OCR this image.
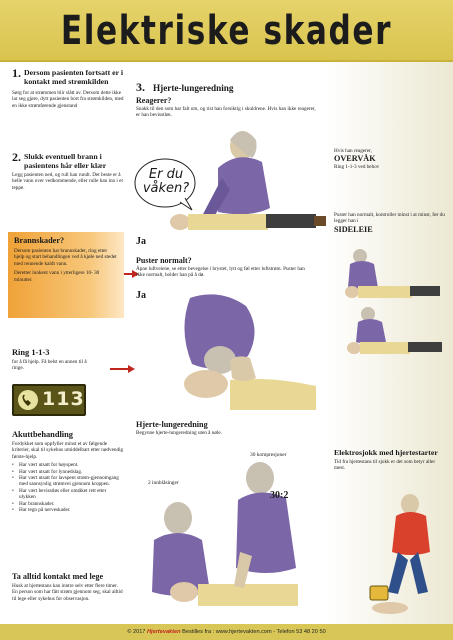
Elektriske skader
1. Dersom pasienten fortsatt er i kontakt med strømkilden
Sørg for at strømmen blir slått av. Dersom dette ikke lar seg gjøre, dytt pasienten bort fra strømkilden, med en ikke strømførende gjenstand
2. Slukk eventuell brann i pasientens hår eller klær
Legg pasienten ned, og rull han rundt. Det beste er å helle vann over vedkommende, eller rulle han inn i et teppe.
Brannskader?
Dersom pasienten har brannskader, ring etter hjelp og start behandlingen ved å kjøle ned stedet med rennende kaldt vann.
Deretter lunkent vann i ytterligere 10- 30 minutter.
Ring 1-1-3
for å få hjelp. Få belst en annen til å ringe.
113
Akuttbehandling
Fordykket som oppfyller minst et av følgende kriterier, skal til sykehus umiddelbart etter nødvendig første-hjelp.
• Har vært utsatt for høyspent.
• Har vært utsatt for lynnedslag.
• Har vært utsatt for lavspent strøm-gjennomgang med sannsynlig strømvei gjennom kroppen.
• Har vært bevisstløs eller omtåket rett etter ulykken
• Har brannskader.
• Har tegn på nerveskader.
Ta alltid kontakt med lege
Husk at hjertestans kan inntre selv etter flere timer. En person som har fått strøm gjennom seg, skal alltid til lege eller sykehus for observasjon.
3. Hjerte-lungeredning
Reagerer?
Snakk til den som har falt om, og rist han forsiktig i skuldrene. Hvis han ikke reagerer, er han bevisstløs.
Er du våken?
Ja
Puster normalt?
Åpne luftveiene, se etter bevegelse i brystet, lytt og føl etter luftstrøm. Puster han ikke normalt, holder han på å dø.
Ja
Hjerte-lungeredning
Begynne hjerte-lungeredning uten å nøle.
30 kompresjoner
2 innblåsinger
30:2
Hvis han reagerer,
OVERVÅK
Ring 1-1-3 ved behov
Puster han normalt, kontroller minst i at minst, før du legger han i
SIDELEIE
Elektrosjokk med hjertestarter
Tid fra hjertestans til sjokk er det som betyr aller mest.
© 2017 Hjertevakten Bestilles fra : www.hjertevakten.com - Telefon 53 48 20 50
